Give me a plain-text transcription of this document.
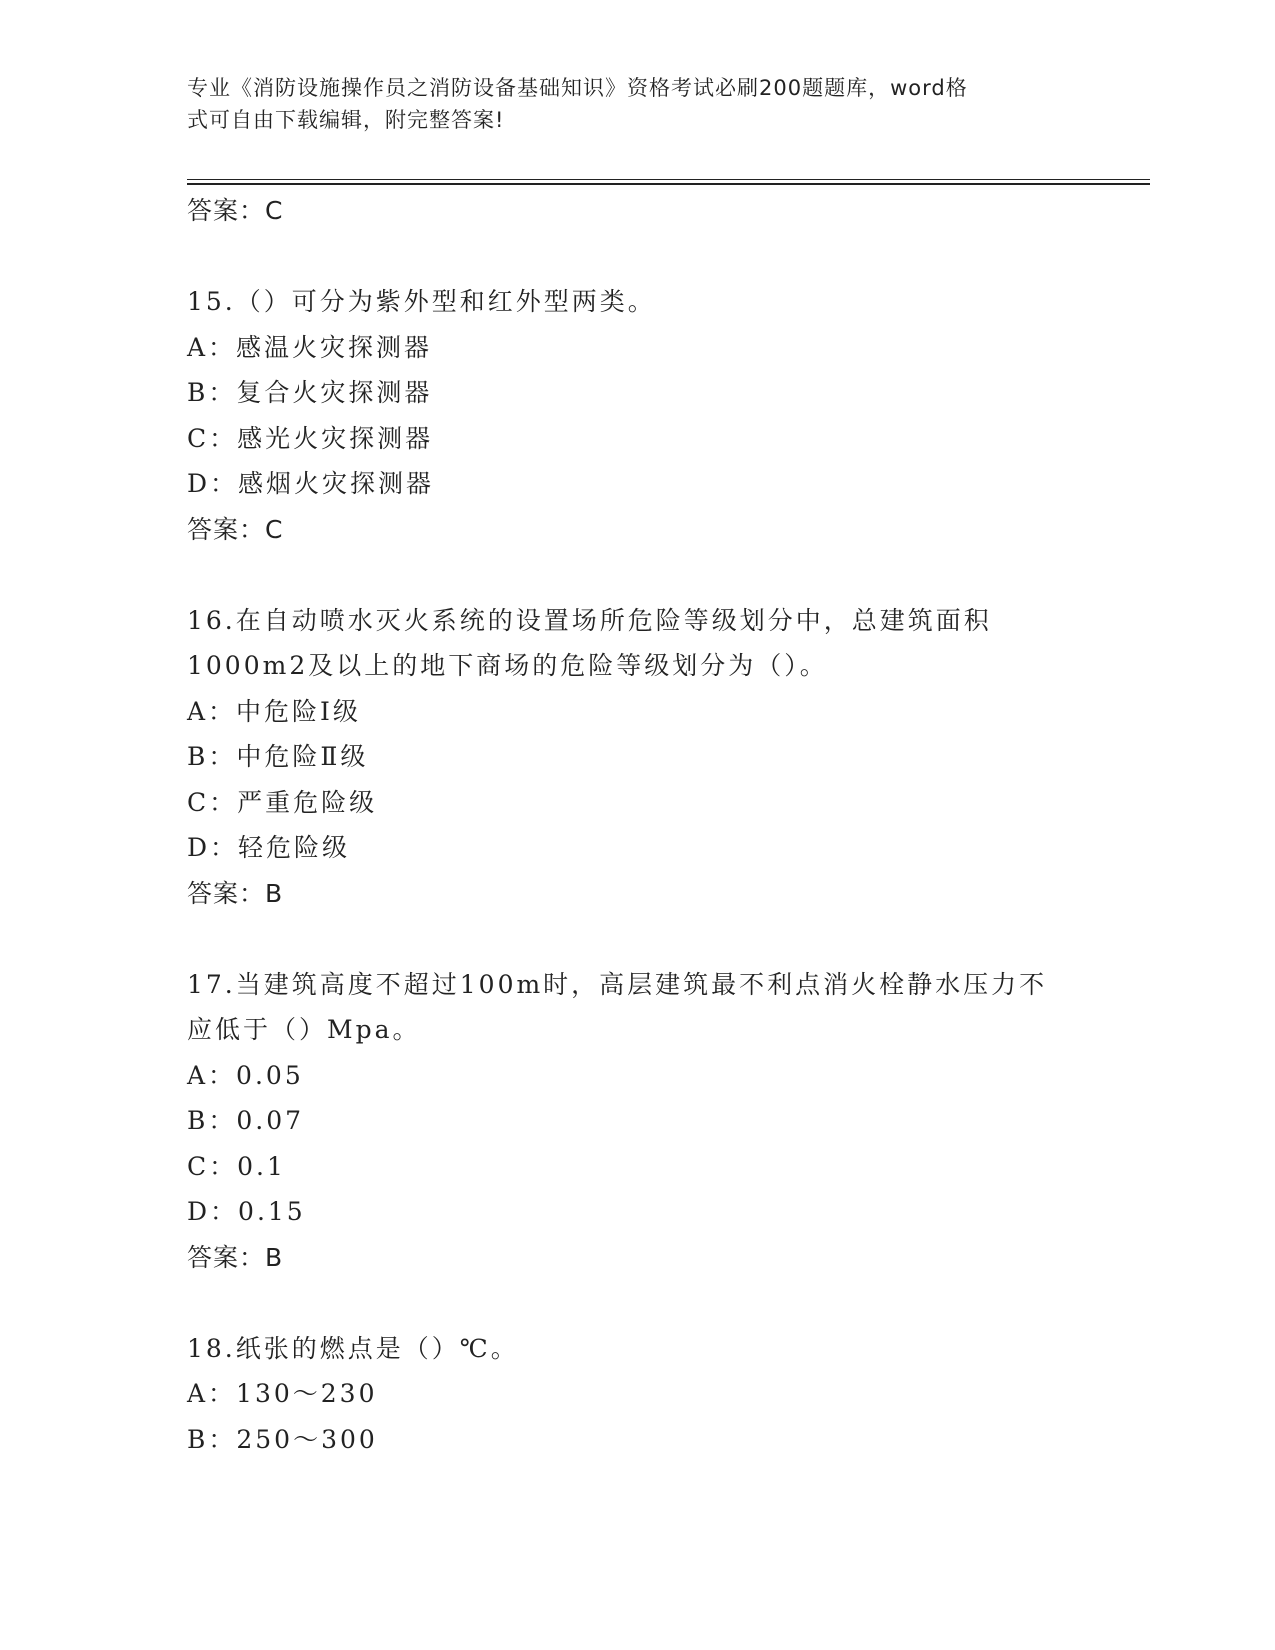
专业《消防设施操作员之消防设备基础知识》资格考试必刷200题题库，word格
式可自由下载编辑，附完整答案!
答案：C
15.（）可分为紫外型和红外型两类。
A：感温火灾探测器
B：复合火灾探测器
C：感光火灾探测器
D：感烟火灾探测器
答案：C
16.在自动喷水灭火系统的设置场所危险等级划分中，总建筑面积
1000m2及以上的地下商场的危险等级划分为（）。
A：中危险Ⅰ级
B：中危险Ⅱ级
C：严重危险级
D：轻危险级
答案：B
17.当建筑高度不超过100m时，高层建筑最不利点消火栓静水压力不
应低于（）Mpa。
A：0.05
B：0.07
C：0.1
D：0.15
答案：B
18.纸张的燃点是（）℃。
A：130～230
B：250～300
